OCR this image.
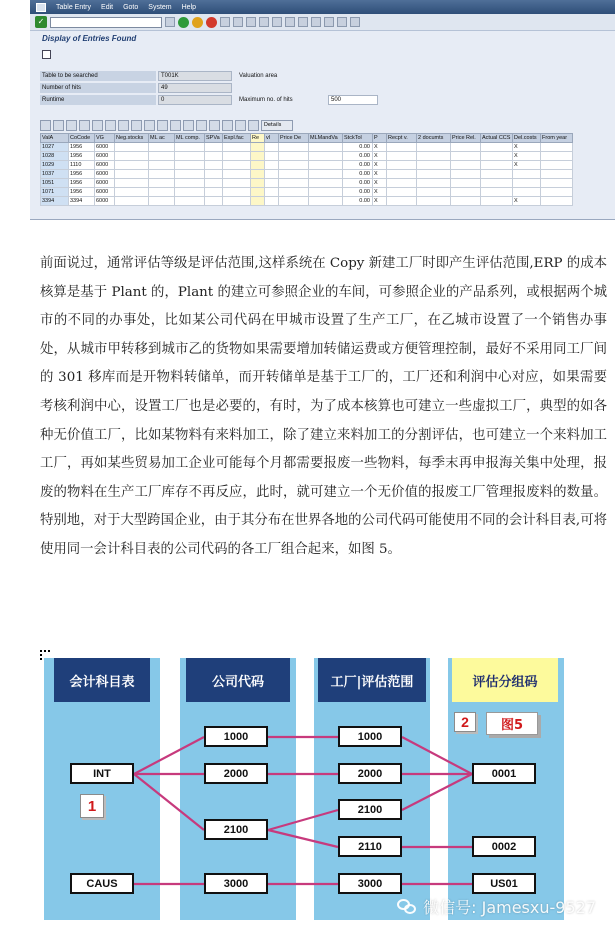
Table Entry Edit Goto System Help
✓
Display of Entries Found
Table to be searched	T001K	Valuation area
Number of hits	49
Runtime	0	Maximum no. of hits	500
Details
ValA	CoCode	VG	Neg.stocks	ML ac	ML comp.	SPVa	Expl.fac	Re	vl	Price De	MLMandVa	StckTol	P	Recpt v.	2 documts	Price Rel.	Actual CCS	Del.costs	From year
1027	1956	6000										0.00	X					X	
1028	1956	6000										0.00	X					X	
1029	1110	6000										0.00	X					X	
1037	1956	6000										0.00	X						
1051	1956	6000										0.00	X						
1071	1956	6000										0.00	X						
3394	3394	6000										0.00	X					X	
前面说过，通常评估等级是评估范围,这样系统在 Copy 新建工厂时即产生评估范围,ERP 的成本核算是基于 Plant 的，Plant 的建立可参照企业的车间，可参照企业的产品系列，或根据两个城市的不同的办事处，比如某公司代码在甲城市设置了生产工厂，在乙城市设置了一个销售办事处，从城市甲转移到城市乙的货物如果需要增加转储运费或方便管理控制，最好不采用同工厂间的 301 移库而是开物料转储单，而开转储单是基于工厂的，工厂还和利润中心对应，如果需要考核利润中心，设置工厂也是必要的，有时，为了成本核算也可建立一些虚拟工厂，典型的如各种无价值工厂，比如某物料有来料加工，除了建立来料加工的分割评估，也可建立一个来料加工工厂，再如某些贸易加工企业可能每个月都需要报废一些物料，每季末再申报海关集中处理，报废的物料在生产工厂库存不再反应，此时，就可建立一个无价值的报废工厂管理报废料的数量。特别地，对于大型跨国企业，由于其分布在世界各地的公司代码可能使用不同的会计科目表,可将使用同一会计科目表的公司代码的各工厂组合起来，如图 5。
会计科目表	公司代码	工厂|评估范围	评估分组码
INT
CAUS
1000
2000
2100
3000
1000
2000
2100
2110
3000
0001
0002
US01
1
2	图5
微信号: Jamesxu-9527
